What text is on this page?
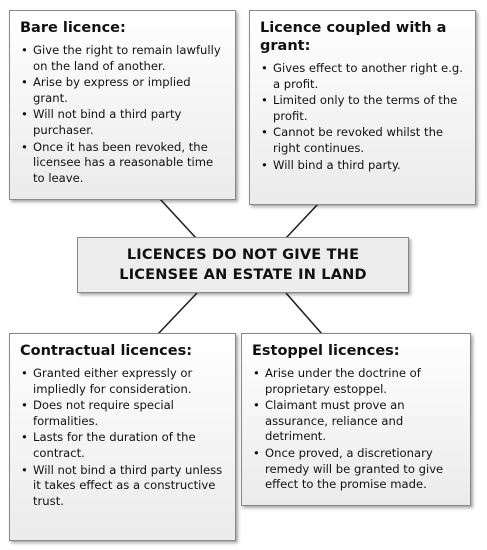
Bare licence:
• Give the right to remain lawfully on the land of another.
• Arise by express or implied grant.
• Will not bind a third party purchaser.
• Once it has been revoked, the licensee has a reasonable time to leave.
Licence coupled with a grant:
• Gives effect to another right e.g. a profit.
• Limited only to the terms of the profit.
• Cannot be revoked whilst the right continues.
• Will bind a third party.
LICENCES DO NOT GIVE THE
LICENSEE AN ESTATE IN LAND
Contractual licences:
• Granted either expressly or impliedly for consideration.
• Does not require special formalities.
• Lasts for the duration of the contract.
• Will not bind a third party unless it takes effect as a constructive trust.
Estoppel licences:
• Arise under the doctrine of proprietary estoppel.
• Claimant must prove an assurance, reliance and detriment.
• Once proved, a discretionary remedy will be granted to give effect to the promise made.
